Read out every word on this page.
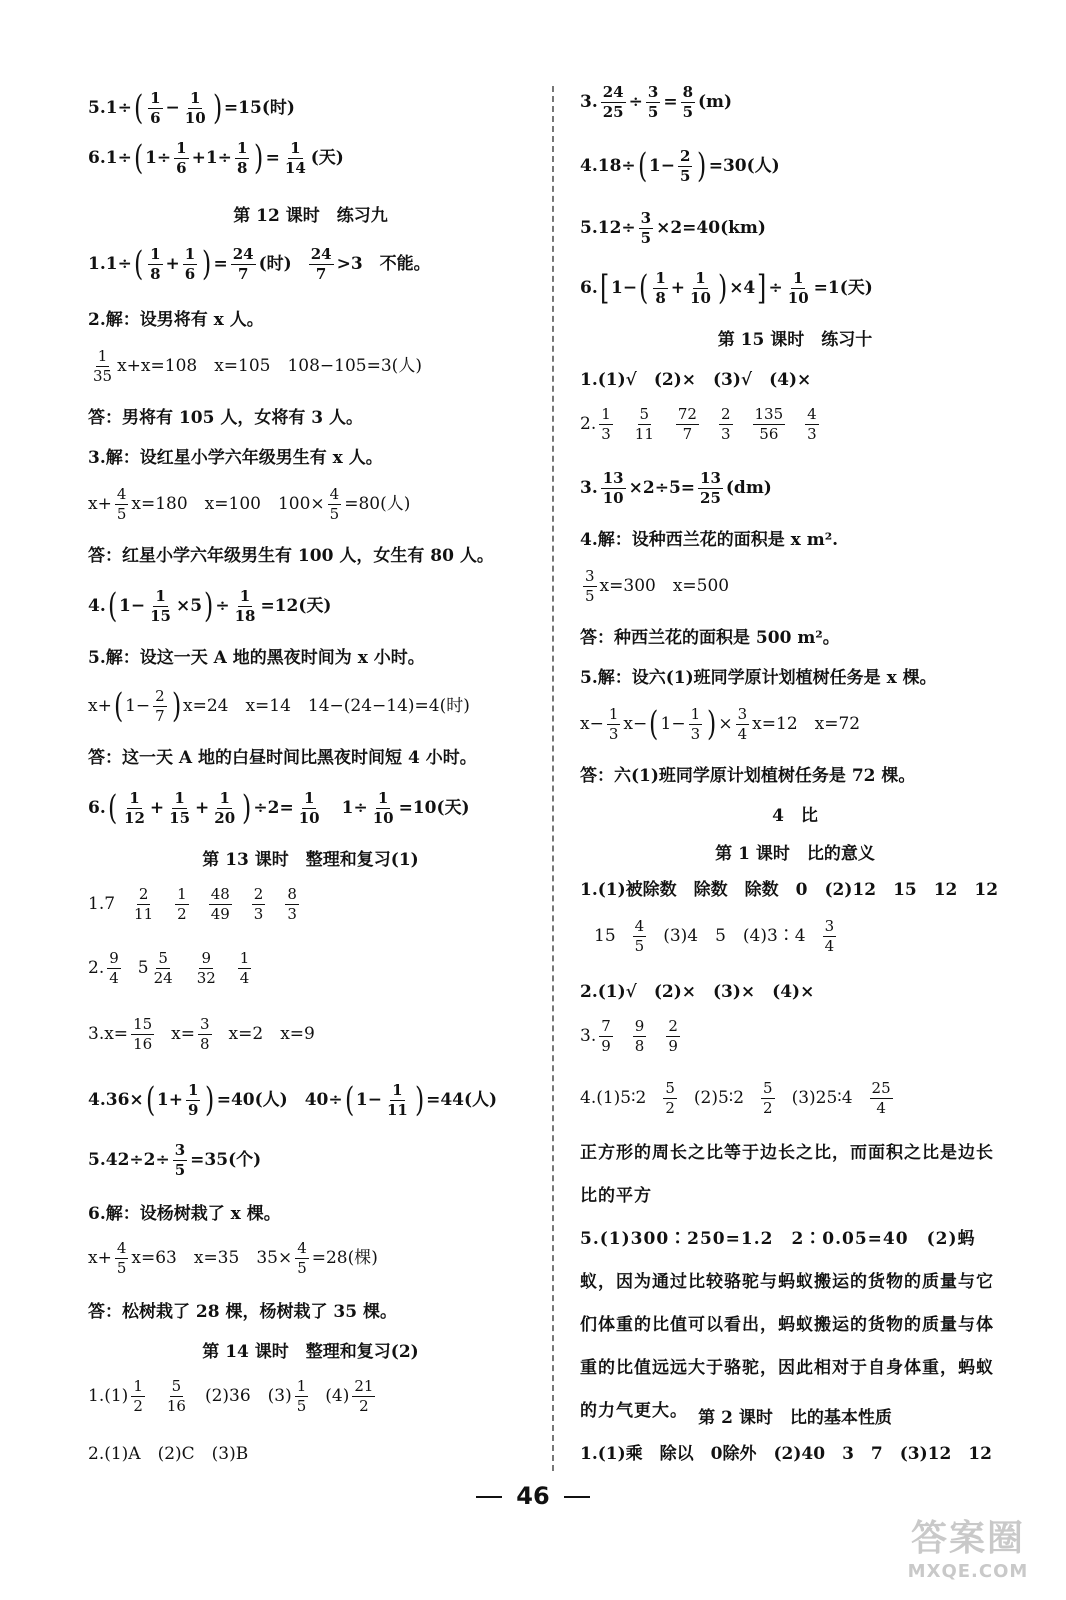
5.1÷ ( $\frac{1}{6} - \frac{1}{10}$ ) =15(时)
6.1÷ ( $1\div \frac{1}{6} +1\div \frac{1}{8}$ ) = $\frac{1}{14}$ (天)
第 12 课时　练习九
1.1÷ ( $\frac{1}{8} + \frac{1}{6}$ ) = $\frac{24}{7}$ (时) $\frac{24}{7} >3$　不能。
2.解：设男将有 x 人。
$\frac{1}{35} x+x=108$　x=105　108−105=3(人)
答：男将有 105 人，女将有 3 人。
3.解：设红星小学六年级男生有 x 人。
$x+ \frac{4}{5} x=180$　x=100　$100\times \frac{4}{5} =80$(人)
答：红星小学六年级男生有 100 人，女生有 80 人。
4. ( $1- \frac{1}{15} \times 5$ ) ÷ $\frac{1}{18} =12$(天)
5.解：设这一天 A 地的黑夜时间为 x 小时。
x+ ( $1- \frac{2}{7}$ ) x=24　x=14　14−(24−14)=4(时)
答：这一天 A 地的白昼时间比黑夜时间短 4 小时。
6. ( $\frac{1}{12} + \frac{1}{15} + \frac{1}{20}$ ) $\div 2= \frac{1}{10}$ 　$1\div \frac{1}{10} =10$(天)
第 13 课时　整理和复习(1)
$1.7 \frac{2}{11} \frac{1}{2} \frac{48}{49} \frac{2}{3} \frac{8}{3}$
2. $\frac{9}{4} 5 \frac{5}{24} \frac{9}{32} \frac{1}{4}$
$3.x= \frac{15}{16} x= \frac{3}{8} x=2$　x=9
4.36× ( $1+ \frac{1}{9}$ ) =40(人)　40÷ ( $1- \frac{1}{11}$ ) =44(人)
$5.42\div 2\div \frac{3}{5} =35$(个)
6.解：设杨树栽了 x 棵。
$x+ \frac{4}{5} x=63$　x=35　$35\times \frac{4}{5} =28$(棵)
答：松树栽了 28 棵，杨树栽了 35 棵。
第 14 课时　整理和复习(2)
$1.(1) \frac{1}{2} \frac{5}{16} (2)36$　$(3) \frac{1}{5} (4) \frac{21}{2}$
2.(1)A　(2)C　(3)B
3. $\frac{24}{25} \div \frac{3}{5} = \frac{8}{5} (m)$
4.18÷ ( $1- \frac{2}{5}$ ) =30(人)
$5.12\div \frac{3}{5} \times 2=40(km)$
6. [ 1− ( $\frac{1}{8} + \frac{1}{10}$ ) ×4 ] ÷ $\frac{1}{10} =1$(天)
第 15 课时　练习十
1.(1)√　(2)×　(3)√　(4)×
2. $\frac{1}{3} \frac{5}{11} \frac{72}{7} \frac{2}{3} \frac{135}{56} \frac{4}{3}$
3. $\frac{13}{10} \times 2\div 5= \frac{13}{25} (dm)$
4.解：设种西兰花的面积是 x m².
$\frac{3}{5} x=300$　x=500
答：种西兰花的面积是 500 m²。
5.解：设六(1)班同学原计划植树任务是 x 棵。
$x- \frac{1}{3} x-$ ( $1- \frac{1}{3}$ ) × $\frac{3}{4} x=12$　x=72
答：六(1)班同学原计划植树任务是 72 棵。
4　比
第 1 课时　比的意义
1.(1)被除数　除数　除数　0　(2)12　15　12　12
$15 \frac{4}{5} (3)4$　5　(4)3∶4 $\frac{3}{4}$
2.(1)√　(2)×　(3)×　(4)×
3. $\frac{7}{9} \frac{9}{8} \frac{2}{9}$
4.(1)5∶2 $\frac{5}{2}$ (2)5∶2 $\frac{5}{2}$ (3)25∶4 $\frac{25}{4}$
正方形的周长之比等于边长之比，而面积之比是边长比的平方
5.(1)300∶250=1.2　2∶0.05=40　(2)蚂蚁，因为通过比较骆驼与蚂蚁搬运的货物的质量与它们体重的比值可以看出，蚂蚁搬运的货物的质量与体重的比值远远大于骆驼，因此相对于自身体重，蚂蚁的力气更大。 第 2 课时　比的基本性质
1.(1)乘　除以　0除外　(2)40　3　7　(3)12　12
46
答案圈
MXQE.COM
